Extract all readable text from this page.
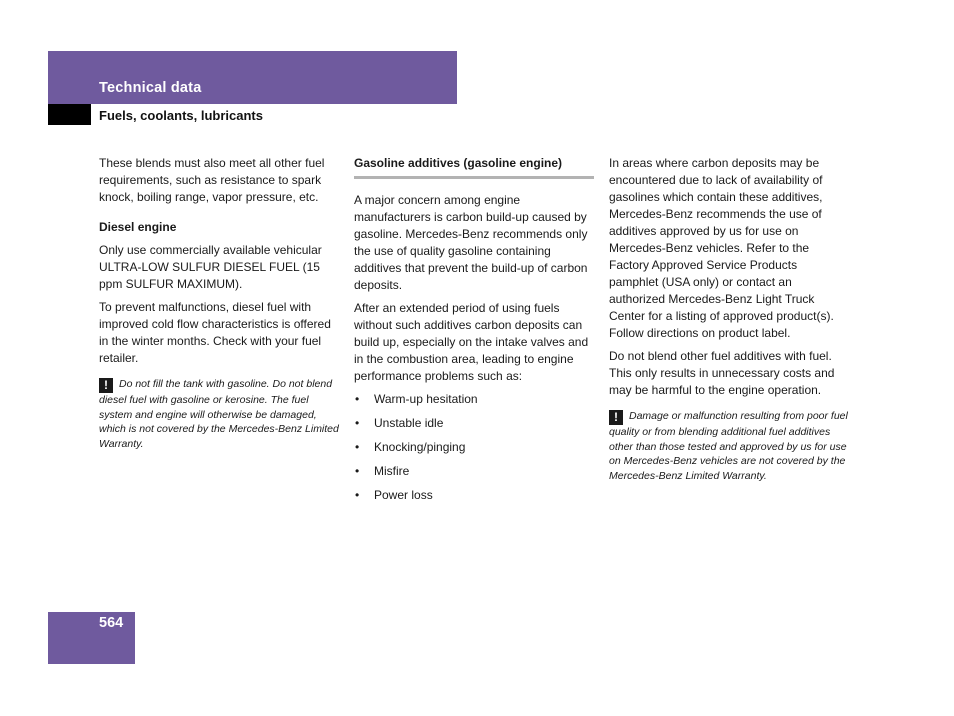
Technical data
Fuels, coolants, lubricants

These blends must also meet all other fuel requirements, such as resistance to spark knock, boiling range, vapor pressure, etc.

Diesel engine

Only use commercially available vehicular ULTRA-LOW SULFUR DIESEL FUEL (15 ppm SULFUR MAXIMUM).

To prevent malfunctions, diesel fuel with improved cold flow characteristics is offered in the winter months. Check with your fuel retailer.

! Do not fill the tank with gasoline. Do not blend diesel fuel with gasoline or kerosine. The fuel system and engine will otherwise be damaged, which is not covered by the Mercedes-Benz Limited Warranty.
Gasoline additives (gasoline engine)

A major concern among engine manufacturers is carbon build-up caused by gasoline. Mercedes-Benz recommends only the use of quality gasoline containing additives that prevent the build-up of carbon deposits.

After an extended period of using fuels without such additives carbon deposits can build up, especially on the intake valves and in the combustion area, leading to engine performance problems such as:

• Warm-up hesitation
• Unstable idle
• Knocking/pinging
• Misfire
• Power loss

In areas where carbon deposits may be encountered due to lack of availability of gasolines which contain these additives, Mercedes-Benz recommends the use of additives approved by us for use on Mercedes-Benz vehicles. Refer to the Factory Approved Service Products pamphlet (USA only) or contact an authorized Mercedes-Benz Light Truck Center for a listing of approved product(s). Follow directions on product label.

Do not blend other fuel additives with fuel. This only results in unnecessary costs and may be harmful to the engine operation.

! Damage or malfunction resulting from poor fuel quality or from blending additional fuel additives other than those tested and approved by us for use on Mercedes-Benz vehicles are not covered by the Mercedes-Benz Limited Warranty.
564
